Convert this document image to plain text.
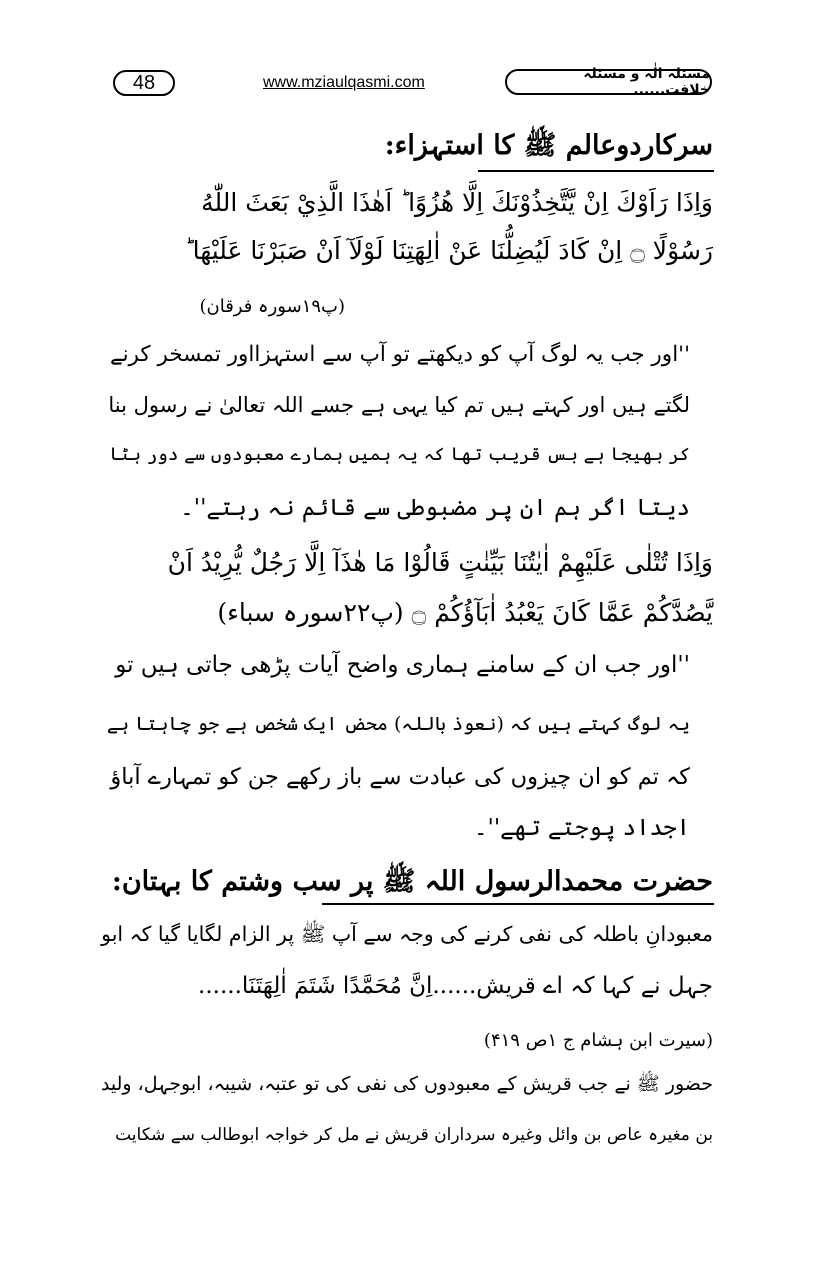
48	www.mziaulqasmi.com	مسئلہ الٰہ و مسئلہ خلافت......
سرکاردوعالم ﷺ کا استہزاء:
وَاِذَا رَاَوْكَ اِنْ يَّتَّخِذُوْنَكَ اِلَّا هُزُوًا ؕ اَهٰذَا الَّذِيْ بَعَثَ اللّٰهُ
رَسُوْلًا ۝ اِنْ كَادَ لَيُضِلُّنَا عَنْ اٰلِهَتِنَا لَوْلَآ اَنْ صَبَرْنَا عَلَيْهَا ؕ
(پ۱۹سورہ فرقان)
''اور جب یہ لوگ آپ کو دیکھتے تو آپ سے استہزااور تمسخر کرنے
لگتے ہیں اور کہتے ہیں تم کیا یہی ہے جسے اللہ تعالیٰ نے رسول بنا
کر بھیجا ہے بس قریب تھا کہ یہ ہمیں ہمارے معبودوں سے دور ہٹا
دیتا اگر ہم ان پر مضبوطی سے قائم نہ رہتے''۔
وَاِذَا تُتْلٰى عَلَيْهِمْ اٰيٰتُنَا بَيِّنٰتٍ قَالُوْا مَا هٰذَآ اِلَّا رَجُلٌ يُّرِيْدُ اَنْ
يَّصُدَّكُمْ عَمَّا كَانَ يَعْبُدُ اٰبَآؤُكُمْ ۝ (پ۲۲سورہ سباء)
''اور جب ان کے سامنے ہماری واضح آیات پڑھی جاتی ہیں تو
یہ لوگ کہتے ہیں کہ (نعوذ باللہ) محض ایک شخص ہے جو چاہتا ہے
کہ تم کو ان چیزوں کی عبادت سے باز رکھے جن کو تمہارے آباؤ
اجداد پوجتے تھے''۔
حضرت محمدالرسول اللہ ﷺ پر سب وشتم کا بہتان:
معبودانِ باطلہ کی نفی کرنے کی وجہ سے آپ ﷺ پر الزام لگایا گیا کہ ابو
جہل نے کہا کہ اے قریش......اِنَّ مُحَمَّدًا شَتَمَ اٰلِهَتَنَا......
(سیرت ابن ہشام ج ۱ص ۴۱۹)
حضور ﷺ نے جب قریش کے معبودوں کی نفی کی تو عتبہ، شیبہ، ابوجہل، ولید
بن مغیرہ عاص بن وائل وغیرہ سرداران قریش نے مل کر خواجہ ابوطالب سے شکایت
